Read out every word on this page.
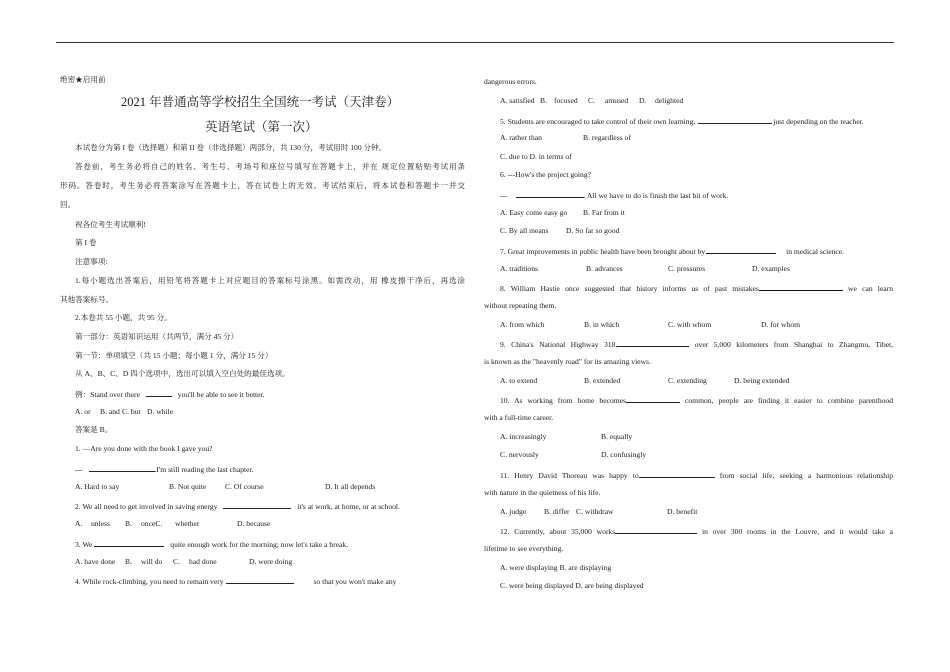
绝密★启用前
2021 年普通高等学校招生全国统一考试（天津卷）
英语笔试（第一次）
本试卷分为第 I 卷（选择题）和第 II 卷（非选择题）两部分，共 130 分，考试用时 100 分钟。
答卷前，考生务必将自己的姓名、考生号、考场号和座位号填写在答题卡上，并在 规定位置粘贴考试用条
形码。答卷时，考生务必将答案涂写在答题卡上，答在试卷上的无效。考试结束后，将本试卷和答题卡一并交
回。
祝各位考生考试顺利!
第 I 卷
注意事项:
1.每小题选出答案后，用铅笔将答题卡上对应题目的答案标号涂黑。如需改动，用 橡皮擦干净后，再选涂
其他答案标号。
2.本卷共 55 小题，共 95 分。
第一部分：英语知识运用（共两节，满分 45 分）
第一节：单项填空（共 15 小题；每小题 1 分，满分 15 分）
从 A、B、C、D 四个选项中，选出可以填入空白处的最佳选项。
例：Stand over there	you'll be able to see it better.
A. or B. and C. but D. while
答案是 B。
1. —Are you done with the book I gave you?
---	.I'm still reading the last chapter.
A. Hard to say	B. Not quite C. Of course	D. It all depends
2. We all need to get involved in saving energy	it's at work, at home, or at school.
A. unless B. onceC. whether	D. because
3. We	quite enough work for the morning; now let's take a break.
A. have done B. will do C. had done	D. were doing
4. While rock-climbing, you need to remain very	so that you won't make any
dangerous errors.
A. satisfied B. focused C. amused D. delighted
5. Students are encouraged to take control of their own learning,	just depending on the teacher.
A. rather than	B. regardless of
C. due to D. in terms of
6. ---How's the project going?
---	. All we have to do is finish the last bit of work.
A. Easy come easy go B. Far from it
C. By all means D. So far so good
7. Great improvements in public health have been brought about by	in medical science.
A. traditions	B. advances	C. pressures	D. examples
8. William Hastie once suggested that history informs us of past mistakes	we can learn
without repeating them.
A. from which	B. in which	C. with whom	D. for whom
9. China's National Highway 318,	over 5,000 kilometers from Shanghai to Zhangmu, Tibet,
is known as the "heavenly road" for its amazing views.
A. to extend	B. extended	C. extending	D. being extended
10. As working from home becomes	common, people are finding it easier to combine parenthood
with a full-time career.
A. increasingly	B. equally
C. nervously	D. confusingly
11. Henry David Thoreau was happy to	from social life, seeking a harmonious relationship
with nature in the quietness of his life.
A. judge B. differ C. withdraw	D. benefit
12. Currently, about 35,000 works	in over 300 rooms in the Louvre, and it would take a
lifetime to see everything.
A. were displaying B. are displaying
C. were being displayed D. are being displayed
